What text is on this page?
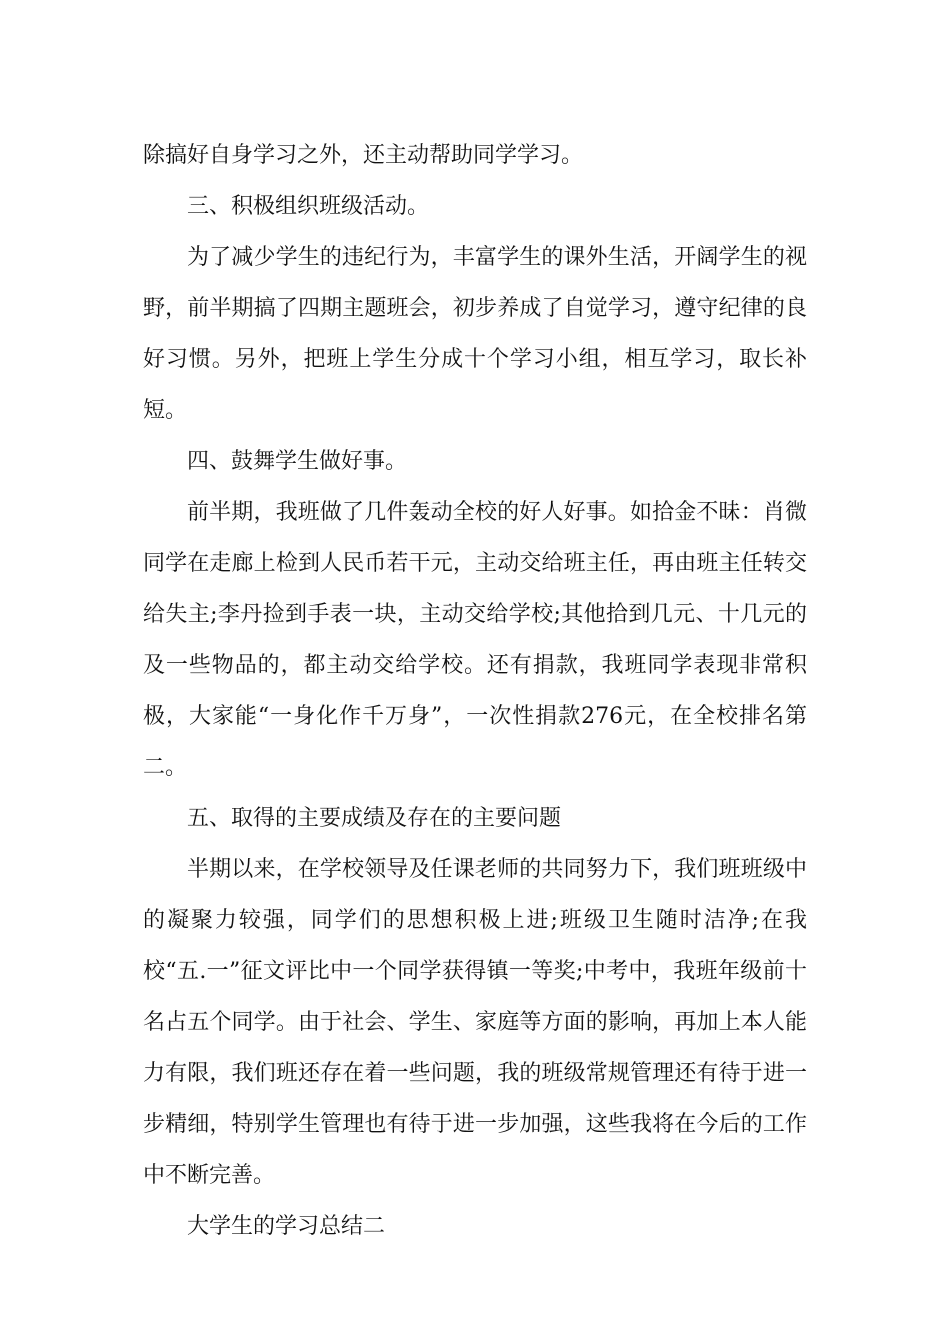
除搞好自身学习之外，还主动帮助同学学习。

三、积极组织班级活动。

为了减少学生的违纪行为，丰富学生的课外生活，开阔学生的视野，前半期搞了四期主题班会，初步养成了自觉学习，遵守纪律的良好习惯。另外，把班上学生分成十个学习小组，相互学习，取长补短。

四、鼓舞学生做好事。

前半期，我班做了几件轰动全校的好人好事。如拾金不昧：肖微同学在走廊上检到人民币若干元，主动交给班主任，再由班主任转交给失主;李丹捡到手表一块，主动交给学校;其他拾到几元、十几元的及一些物品的，都主动交给学校。还有捐款，我班同学表现非常积极，大家能“一身化作千万身”，一次性捐款276元，在全校排名第二。

五、取得的主要成绩及存在的主要问题

半期以来，在学校领导及任课老师的共同努力下，我们班班级中的凝聚力较强，同学们的思想积极上进;班级卫生随时洁净;在我校“五.一”征文评比中一个同学获得镇一等奖;中考中，我班年级前十名占五个同学。由于社会、学生、家庭等方面的影响，再加上本人能力有限，我们班还存在着一些问题，我的班级常规管理还有待于进一步精细，特别学生管理也有待于进一步加强，这些我将在今后的工作中不断完善。

大学生的学习总结二
